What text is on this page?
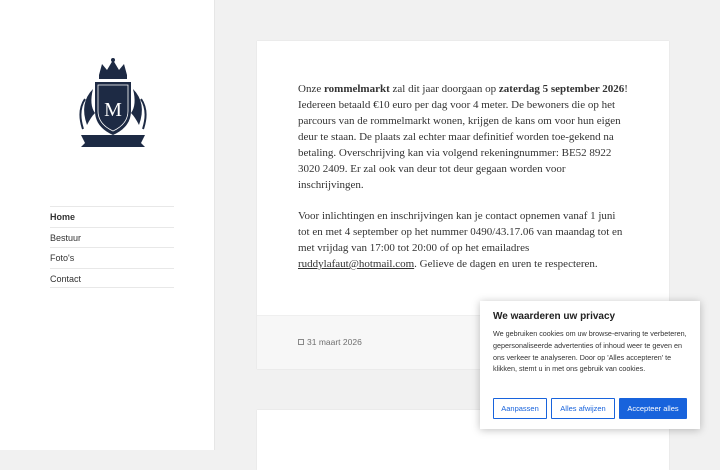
M
Home
Bestuur
Foto's
Contact

Onze rommelmarkt zal dit jaar doorgaan op zaterdag 5 september 2026! Iedereen betaald €10 euro per dag voor 4 meter. De bewoners die op het parcours van de rommelmarkt wonen, krijgen de kans om voor hun eigen deur te staan. De plaats zal echter maar definitief worden toe-gekend na betaling. Overschrijving kan via volgend rekeningnummer: BE52 8922 3020 2409. Er zal ook van deur tot deur gegaan worden voor inschrijvingen.

Voor inlichtingen en inschrijvingen kan je contact opnemen vanaf 1 juni tot en met 4 september op het nummer 0490/43.17.06 van maandag tot en met vrijdag van 17:00 tot 20:00 of op het emailadres ruddylafaut@hotmail.com. Gelieve de dagen en uren te respecteren.

31 maart 2026
We waarderen uw privacy

We gebruiken cookies om uw browse-ervaring te verbeteren, gepersonaliseerde advertenties of inhoud weer te geven en ons verkeer te analyseren. Door op 'Alles accepteren' te klikken, stemt u in met ons gebruik van cookies.

Aanpassen	Alles afwijzen	Accepteer alles
